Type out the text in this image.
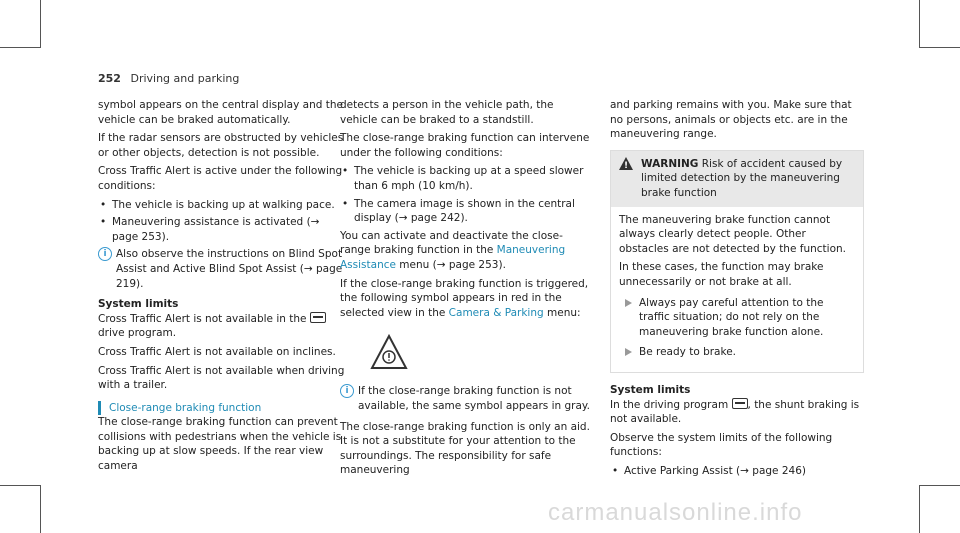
252 Driving and parking

symbol appears on the central display and the vehicle can be braked automatically.

If the radar sensors are obstructed by vehicles or other objects, detection is not possible.

Cross Traffic Alert is active under the following conditions:

• The vehicle is backing up at walking pace.
• Maneuvering assistance is activated (→ page 253).
i Also observe the instructions on Blind Spot Assist and Active Blind Spot Assist (→ page 219).
System limits

Cross Traffic Alert is not available in the  drive program.

Cross Traffic Alert is not available on inclines.

Cross Traffic Alert is not available when driving with a trailer.

Close-range braking function

The close-range braking function can prevent collisions with pedestrians when the vehicle is backing up at slow speeds. If the rear view camera

detects a person in the vehicle path, the vehicle can be braked to a standstill.

The close-range braking function can intervene under the following conditions:

• The vehicle is backing up at a speed slower than 6 mph (10 km/h).
• The camera image is shown in the central display (→ page 242).

You can activate and deactivate the close-range braking function in the Maneuvering Assistance menu (→ page 253).

If the close-range braking function is triggered, the following symbol appears in red in the selected view in the Camera & Parking menu:

i If the close-range braking function is not available, the same symbol appears in gray.

The close-range braking function is only an aid. It is not a substitute for your attention to the surroundings. The responsibility for safe maneuvering

and parking remains with you. Make sure that no persons, animals or objects etc. are in the maneuvering range.

! WARNING Risk of accident caused by limited detection by the maneuvering brake function

The maneuvering brake function cannot always clearly detect people. Other obstacles are not detected by the function.

In these cases, the function may brake unnecessarily or not brake at all.

Always pay careful attention to the traffic situation; do not rely on the maneuvering brake function alone.
Be ready to brake.
System limits

In the driving program , the shunt braking is not available.

Observe the system limits of the following functions:

• Active Parking Assist (→ page 246)
carmanualsonline.info
